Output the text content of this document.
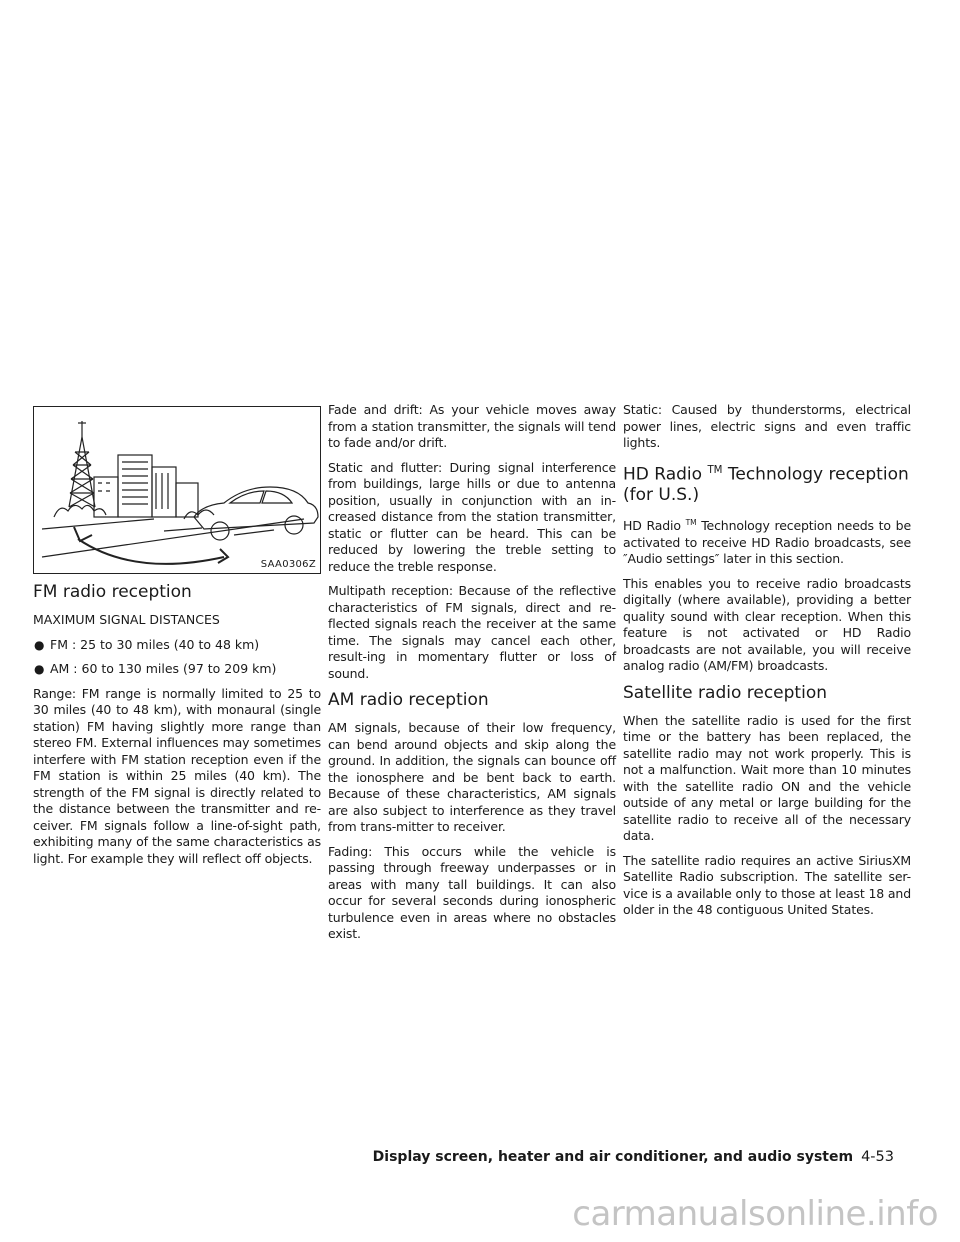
SAA0306Z
FM radio reception
MAXIMUM SIGNAL DISTANCES
● FM : 25 to 30 miles (40 to 48 km)
● AM : 60 to 130 miles (97 to 209 km)

Range: FM range is normally limited to 25 to 30 miles (40 to 48 km), with monaural (single station) FM having slightly more range than stereo FM. External influences may sometimes interfere with FM station reception even if the FM station is within 25 miles (40 km). The strength of the FM signal is directly related to the distance between the transmitter and re-ceiver. FM signals follow a line-of-sight path, exhibiting many of the same characteristics as light. For example they will reflect off objects.

Fade and drift: As your vehicle moves away from a station transmitter, the signals will tend to fade and/or drift.

Static and flutter: During signal interference from buildings, large hills or due to antenna position, usually in conjunction with an in-creased distance from the station transmitter, static or flutter can be heard. This can be reduced by lowering the treble setting to reduce the treble response.

Multipath reception: Because of the reflective characteristics of FM signals, direct and re-flected signals reach the receiver at the same time. The signals may cancel each other, result-ing in momentary flutter or loss of sound.

AM radio reception

AM signals, because of their low frequency, can bend around objects and skip along the ground. In addition, the signals can bounce off the ionosphere and be bent back to earth. Because of these characteristics, AM signals are also subject to interference as they travel from trans-mitter to receiver.

Fading: This occurs while the vehicle is passing through freeway underpasses or in areas with many tall buildings. It can also occur for several seconds during ionospheric turbulence even in areas where no obstacles exist.

Static: Caused by thunderstorms, electrical power lines, electric signs and even traffic lights.

HD Radio ™ Technology reception (for U.S.)

HD Radio ™ Technology reception needs to be activated to receive HD Radio broadcasts, see ″Audio settings″ later in this section.

This enables you to receive radio broadcasts digitally (where available), providing a better quality sound with clear reception. When this feature is not activated or HD Radio broadcasts are not available, you will receive analog radio (AM/FM) broadcasts.

Satellite radio reception

When the satellite radio is used for the first time or the battery has been replaced, the satellite radio may not work properly. This is not a malfunction. Wait more than 10 minutes with the satellite radio ON and the vehicle outside of any metal or large building for the satellite radio to receive all of the necessary data.

The satellite radio requires an active SiriusXM Satellite Radio subscription. The satellite ser-vice is a available only to those at least 18 and older in the 48 contiguous United States.

Display screen, heater and air conditioner, and audio system 4-53
carmanualsonline.info
